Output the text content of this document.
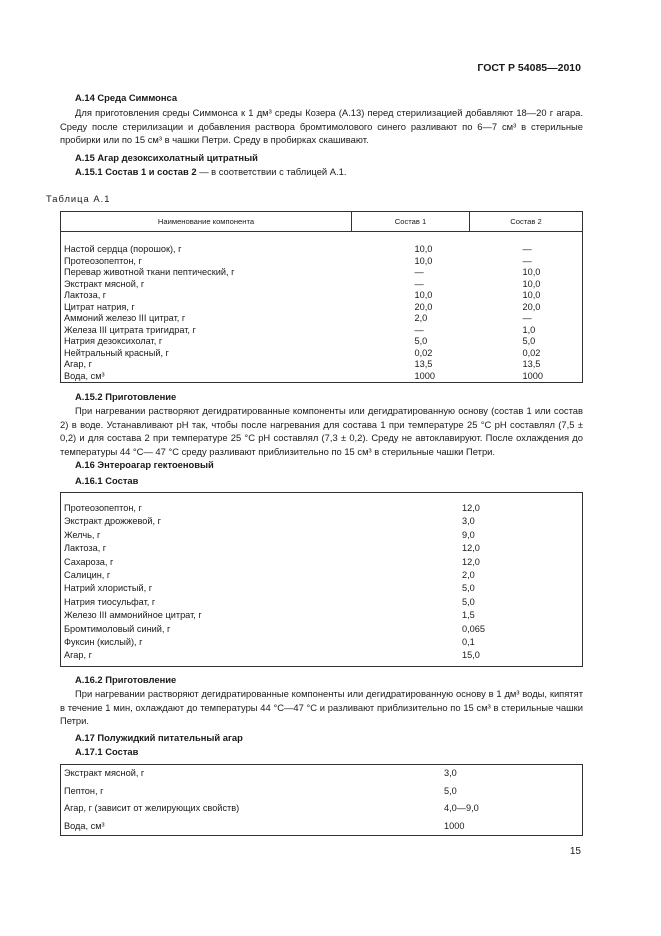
ГОСТ Р 54085—2010
А.14 Среда Симмонса
Для приготовления среды Симмонса к 1 дм³ среды Козера (А.13) перед стерилизацией добавляют 18—20 г агара. Среду после стерилизации и добавления раствора бромтимолового синего разливают по 6—7 см³ в стерильные пробирки или по 15 см³ в чашки Петри. Среду в пробирках скашивают.
А.15 Агар дезоксихолатный цитратный
А.15.1 Состав 1 и состав 2 — в соответствии с таблицей А.1.
Таблица А.1
Наименование компонента	Состав 1	Состав 2
Настой сердца (порошок), г	10,0	—
Протеозопептон, г	10,0	—
Перевар животной ткани пептический, г	—	10,0
Экстракт мясной, г	—	10,0
Лактоза, г	10,0	10,0
Цитрат натрия, г	20,0	20,0
Аммоний железо III цитрат, г	2,0	—
Железа III цитрата тригидрат, г	—	1,0
Натрия дезоксихолат, г	5,0	5,0
Нейтральный красный, г	0,02	0,02
Агар, г	13,5	13,5
Вода, см³	1000	1000
А.15.2 Приготовление
При нагревании растворяют дегидратированные компоненты или дегидратированную основу (состав 1 или состав 2) в воде. Устанавливают pH так, чтобы после нагревания для состава 1 при температуре 25 °С pH составлял (7,5 ± 0,2) и для состава 2 при температуре 25 °С pH составлял (7,3 ± 0,2). Среду не автоклавируют. После охлаждения до температуры 44 °С— 47 °С среду разливают приблизительно по 15 см³ в стерильные чашки Петри.
А.16 Энтероагар гектоеновый
А.16.1 Состав
Протеозопептон, г	12,0
Экстракт дрожжевой, г	3,0
Желчь, г	9,0
Лактоза, г	12,0
Сахароза, г	12,0
Салицин, г	2,0
Натрий хлористый, г	5,0
Натрия тиосульфат, г	5,0
Железо III аммонийное цитрат, г	1,5
Бромтимоловый синий, г	0,065
Фуксин (кислый), г	0,1
Агар, г	15,0
А.16.2 Приготовление
При нагревании растворяют дегидратированные компоненты или дегидратированную основу в 1 дм³ воды, кипятят в течение 1 мин, охлаждают до температуры 44 °С—47 °С и разливают приблизительно по 15 см³ в стерильные чашки Петри.
А.17 Полужидкий питательный агар
А.17.1 Состав
Экстракт мясной, г	3,0
Пептон, г	5,0
Агар, г (зависит от желирующих свойств)	4,0—9,0
Вода, см³	1000
15
